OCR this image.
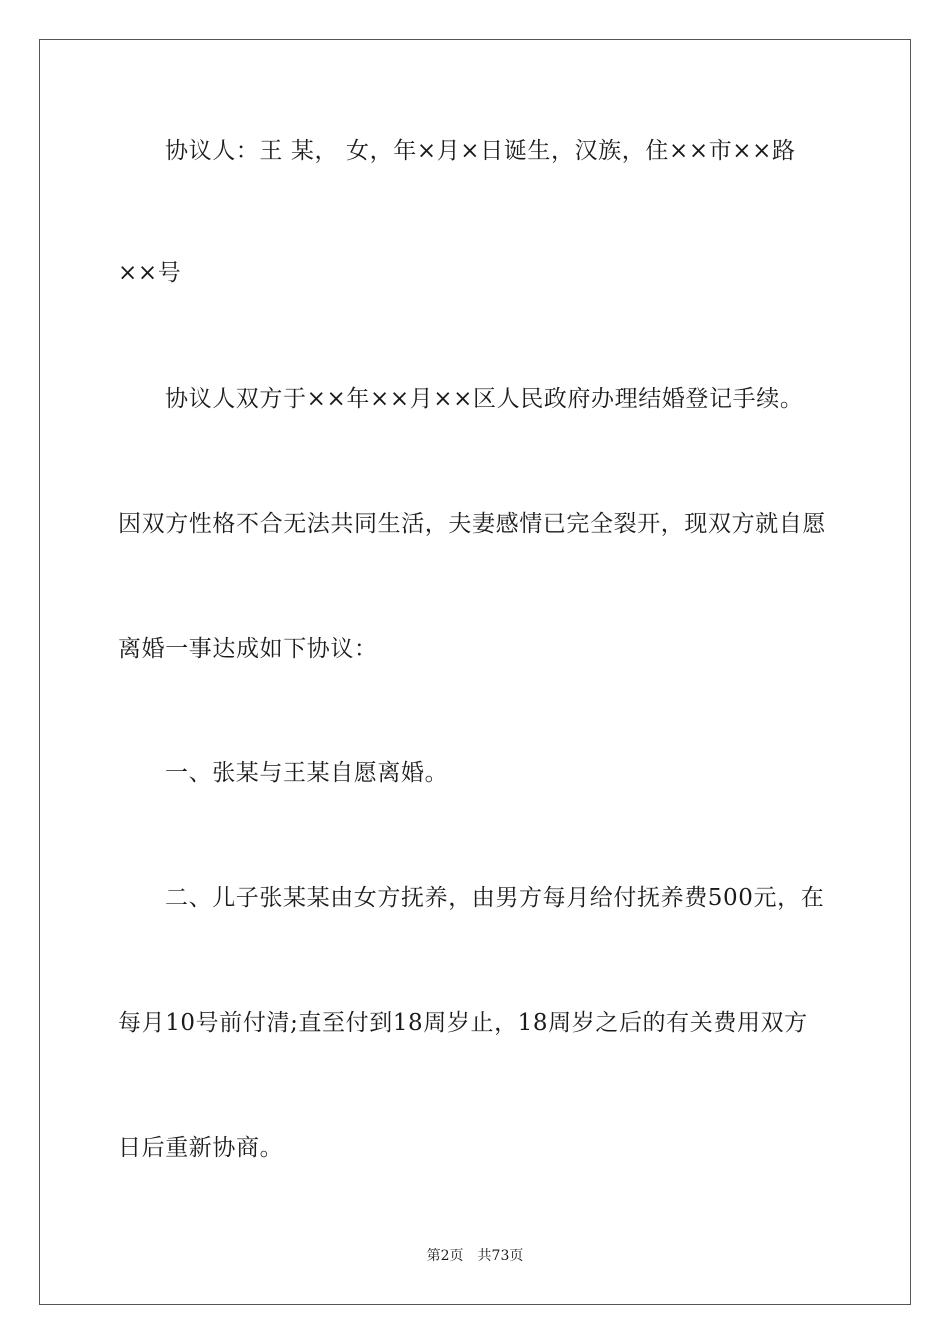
协议人：王 某， 女，年×月×日诞生，汉族，住××市××路
××号
协议人双方于××年××月××区人民政府办理结婚登记手续。
因双方性格不合无法共同生活，夫妻感情已完全裂开，现双方就自愿
离婚一事达成如下协议：
一、张某与王某自愿离婚。
二、儿子张某某由女方抚养，由男方每月给付抚养费500元，在
每月10号前付清;直至付到18周岁止，18周岁之后的有关费用双方
日后重新协商。
第2页 共73页
